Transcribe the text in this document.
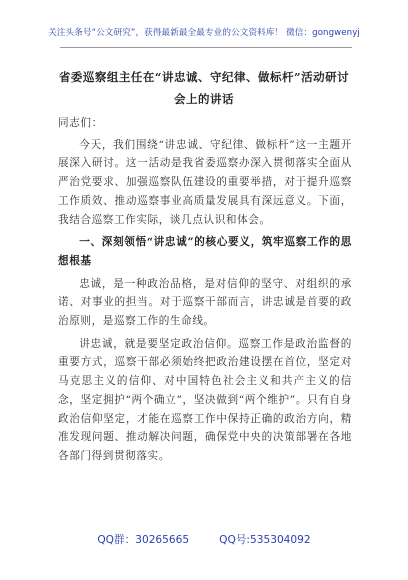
关注头条号“公文研究”，获得最新最全最专业的公文资料库！ 微信：gongwenyj
省委巡察组主任在“讲忠诚、守纪律、做标杆”活动研讨
会上的讲话

同志们：

今天，我们围绕“讲忠诚、守纪律、做标杆”这一主题开展深入研讨。这一活动是我省委巡察办深入贯彻落实全面从严治党要求、加强巡察队伍建设的重要举措，对于提升巡察工作质效、推动巡察事业高质量发展具有深远意义。下面，我结合巡察工作实际，谈几点认识和体会。

一、深刻领悟“讲忠诚”的核心要义，筑牢巡察工作的思想根基

忠诚，是一种政治品格，是对信仰的坚守、对组织的承诺、对事业的担当。对于巡察干部而言，讲忠诚是首要的政治原则，是巡察工作的生命线。

讲忠诚，就是要坚定政治信仰。巡察工作是政治监督的重要方式，巡察干部必须始终把政治建设摆在首位，坚定对马克思主义的信仰、对中国特色社会主义和共产主义的信念，坚定拥护“两个确立”，坚决做到“两个维护”。只有自身政治信仰坚定，才能在巡察工作中保持正确的政治方向，精准发现问题、推动解决问题，确保党中央的决策部署在各地各部门得到贯彻落实。

QQ群：30265665	QQ号:535304092
